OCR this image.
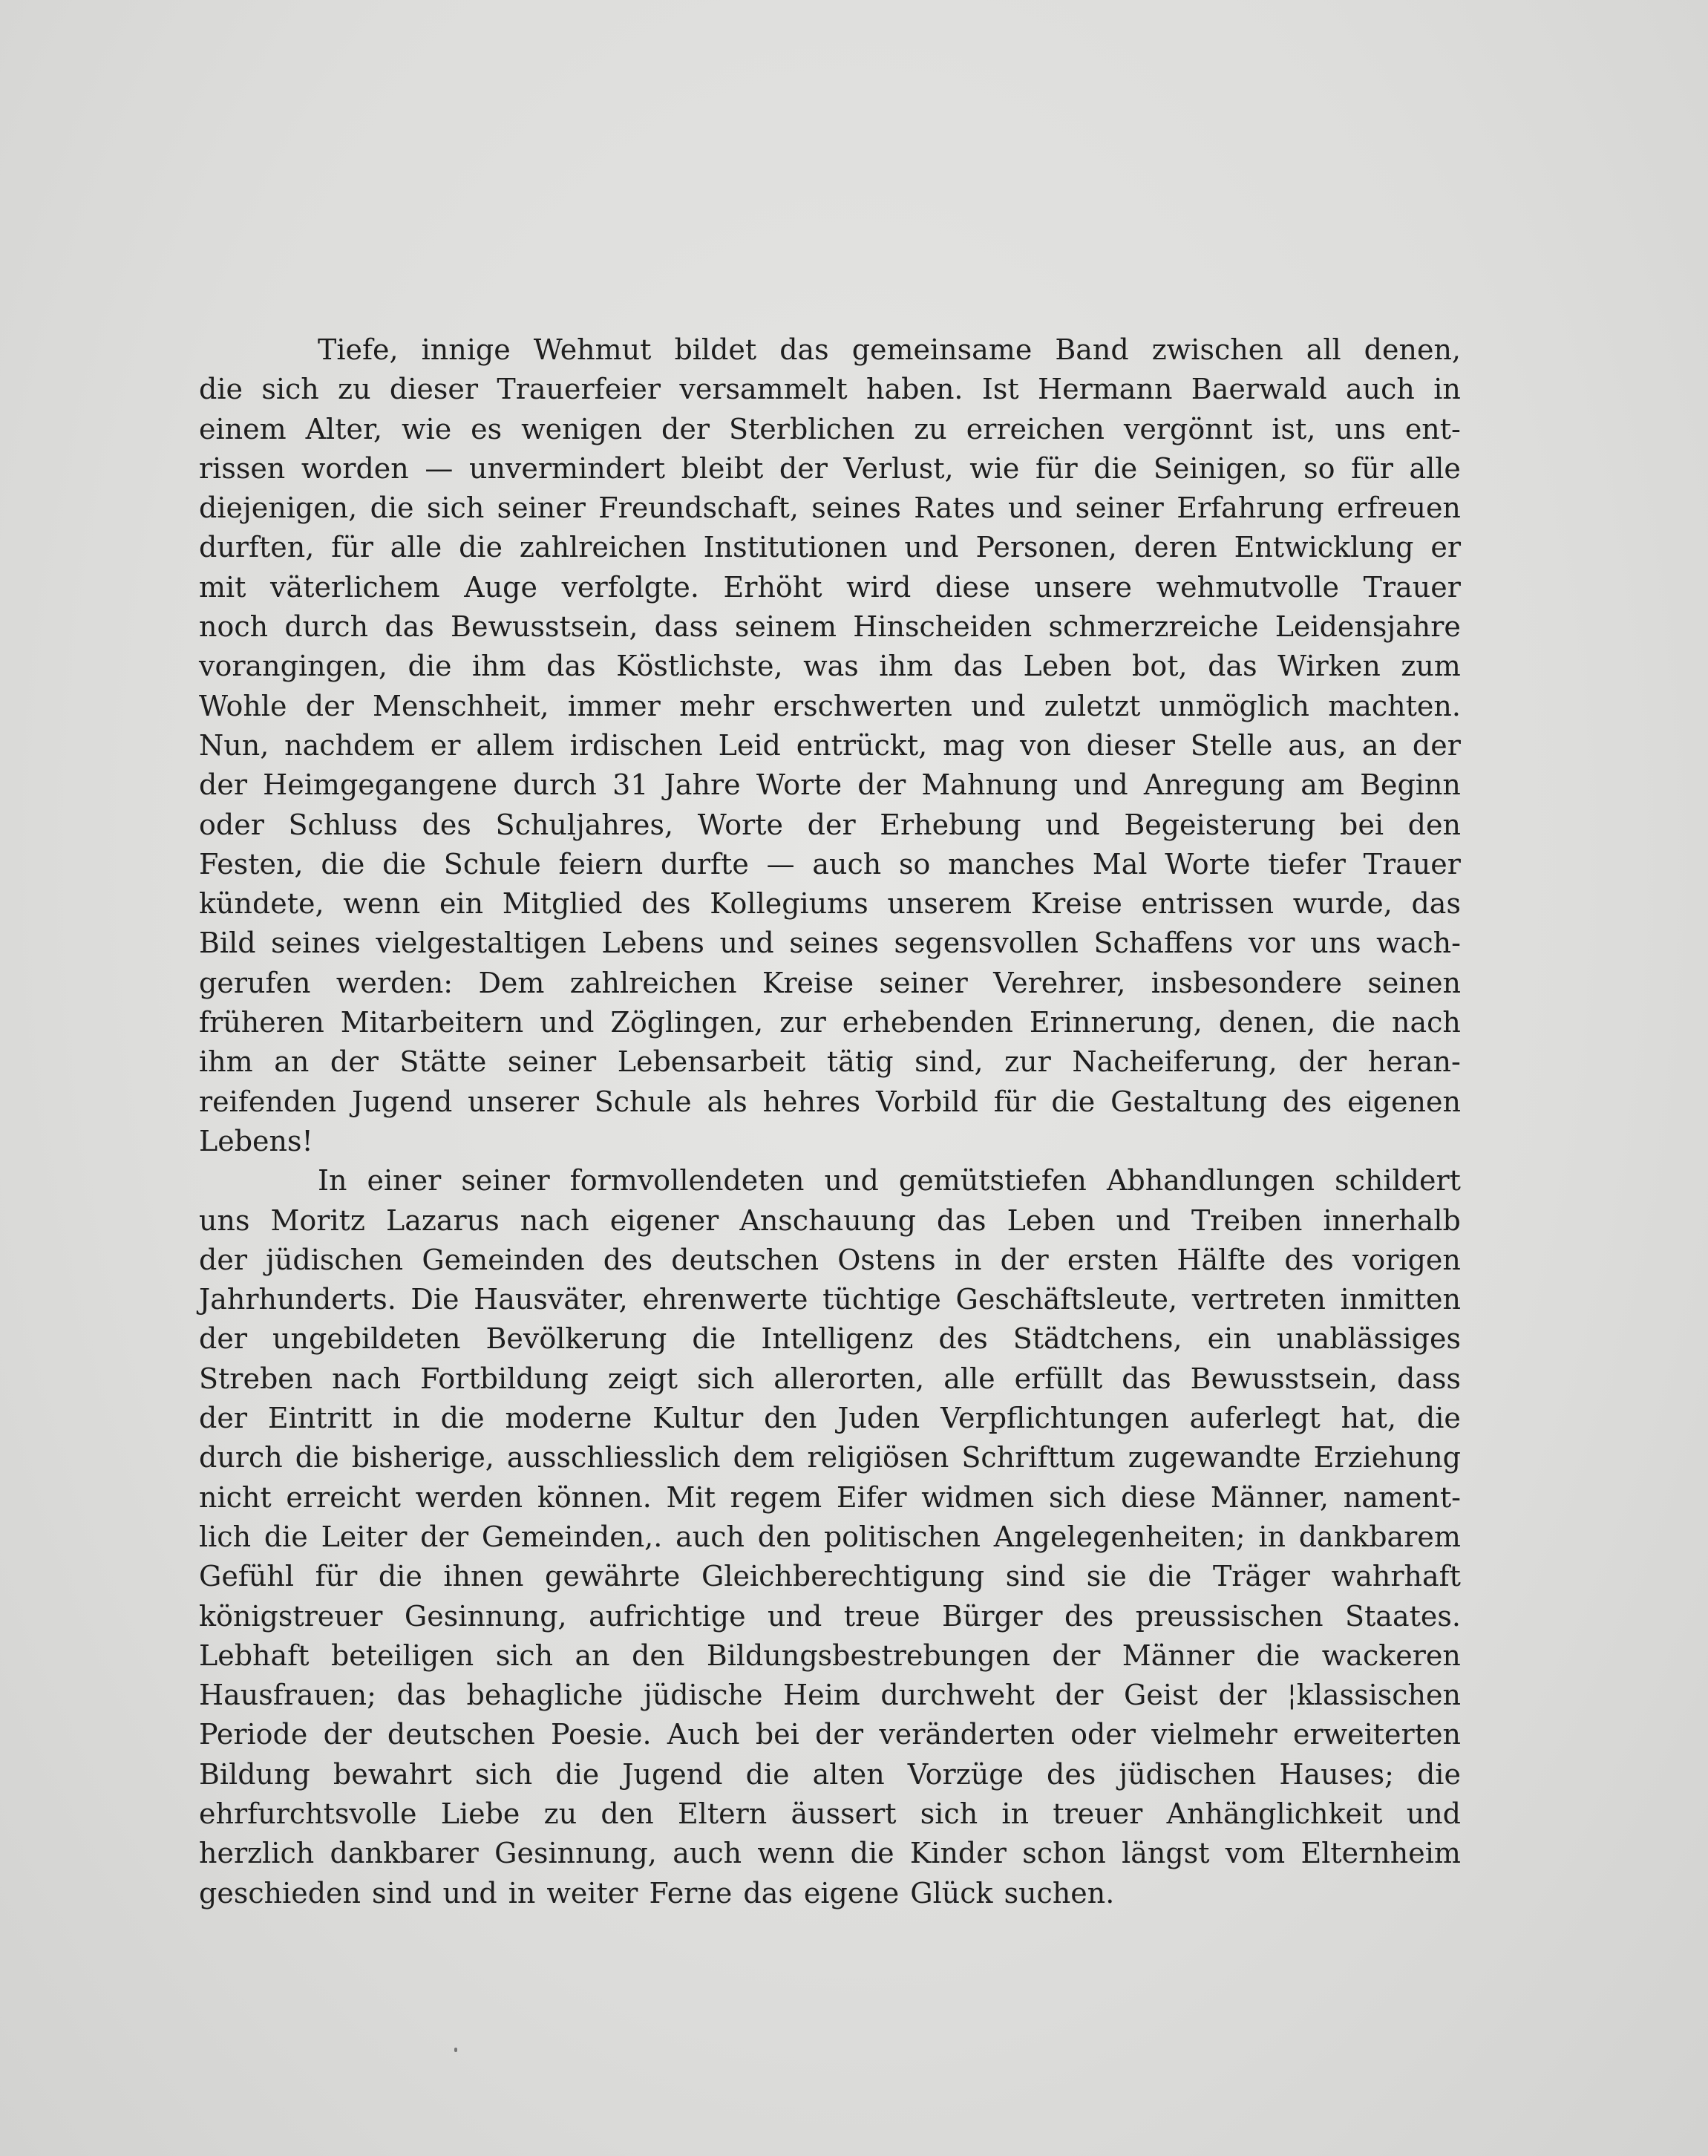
Tiefe, innige Wehmut bildet das gemeinsame Band zwischen all denen,
die sich zu dieser Trauerfeier versammelt haben. Ist Hermann Baerwald auch in
einem Alter, wie es wenigen der Sterblichen zu erreichen vergönnt ist, uns ent-
rissen worden — unvermindert bleibt der Verlust, wie für die Seinigen, so für alle
diejenigen, die sich seiner Freundschaft, seines Rates und seiner Erfahrung erfreuen
durften, für alle die zahlreichen Institutionen und Personen, deren Entwicklung er
mit väterlichem Auge verfolgte. Erhöht wird diese unsere wehmutvolle Trauer
noch durch das Bewusstsein, dass seinem Hinscheiden schmerzreiche Leidensjahre
vorangingen, die ihm das Köstlichste, was ihm das Leben bot, das Wirken zum
Wohle der Menschheit, immer mehr erschwerten und zuletzt unmöglich machten.
Nun, nachdem er allem irdischen Leid entrückt, mag von dieser Stelle aus, an der
der Heimgegangene durch 31 Jahre Worte der Mahnung und Anregung am Beginn
oder Schluss des Schuljahres, Worte der Erhebung und Begeisterung bei den
Festen, die die Schule feiern durfte — auch so manches Mal Worte tiefer Trauer
kündete, wenn ein Mitglied des Kollegiums unserem Kreise entrissen wurde, das
Bild seines vielgestaltigen Lebens und seines segensvollen Schaffens vor uns wach-
gerufen werden: Dem zahlreichen Kreise seiner Verehrer, insbesondere seinen
früheren Mitarbeitern und Zöglingen, zur erhebenden Erinnerung, denen, die nach
ihm an der Stätte seiner Lebensarbeit tätig sind, zur Nacheiferung, der heran-
reifenden Jugend unserer Schule als hehres Vorbild für die Gestaltung des eigenen
Lebens!
In einer seiner formvollendeten und gemütstiefen Abhandlungen schildert
uns Moritz Lazarus nach eigener Anschauung das Leben und Treiben innerhalb
der jüdischen Gemeinden des deutschen Ostens in der ersten Hälfte des vorigen
Jahrhunderts. Die Hausväter, ehrenwerte tüchtige Geschäftsleute, vertreten inmitten
der ungebildeten Bevölkerung die Intelligenz des Städtchens, ein unablässiges
Streben nach Fortbildung zeigt sich allerorten, alle erfüllt das Bewusstsein, dass
der Eintritt in die moderne Kultur den Juden Verpflichtungen auferlegt hat, die
durch die bisherige, ausschliesslich dem religiösen Schrifttum zugewandte Erziehung
nicht erreicht werden können. Mit regem Eifer widmen sich diese Männer, nament-
lich die Leiter der Gemeinden,. auch den politischen Angelegenheiten; in dankbarem
Gefühl für die ihnen gewährte Gleichberechtigung sind sie die Träger wahrhaft
königstreuer Gesinnung, aufrichtige und treue Bürger des preussischen Staates.
Lebhaft beteiligen sich an den Bildungsbestrebungen der Männer die wackeren
Hausfrauen; das behagliche jüdische Heim durchweht der Geist der ¦klassischen
Periode der deutschen Poesie. Auch bei der veränderten oder vielmehr erweiterten
Bildung bewahrt sich die Jugend die alten Vorzüge des jüdischen Hauses; die
ehrfurchtsvolle Liebe zu den Eltern äussert sich in treuer Anhänglichkeit und
herzlich dankbarer Gesinnung, auch wenn die Kinder schon längst vom Elternheim
geschieden sind und in weiter Ferne das eigene Glück suchen.
